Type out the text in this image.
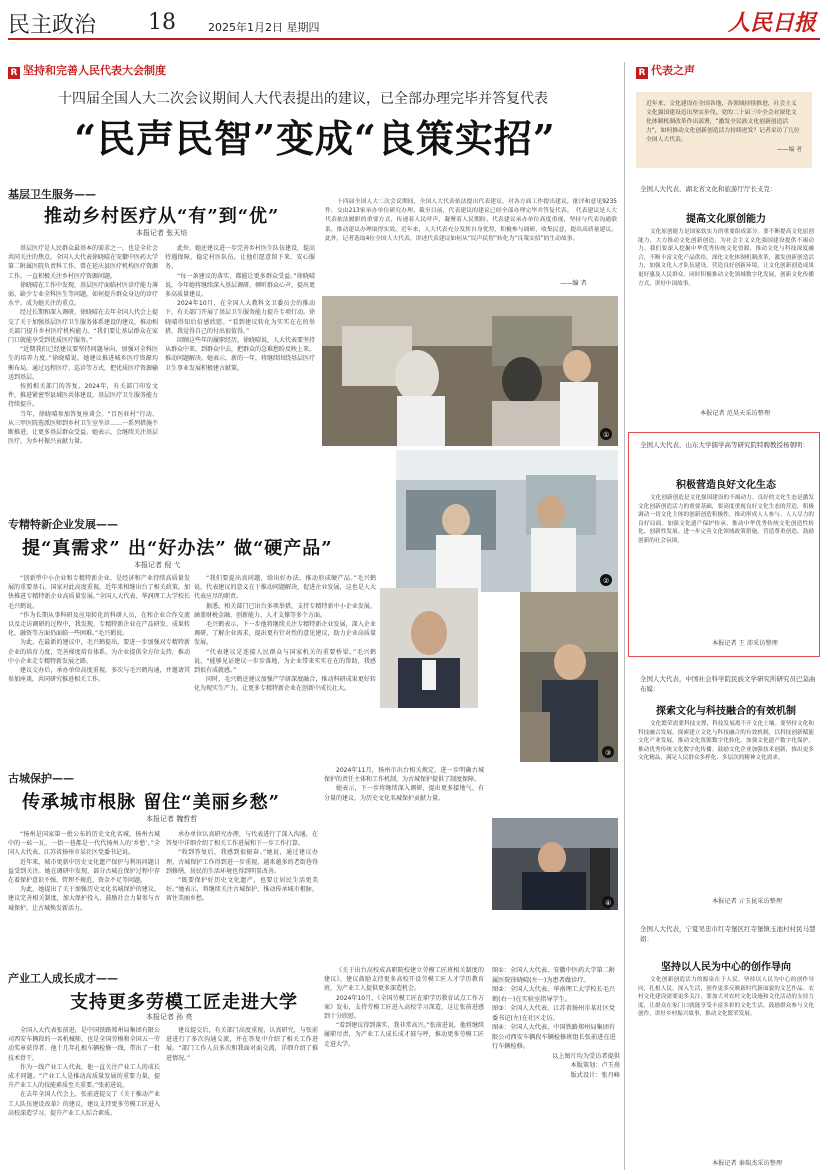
民主政治 18	2025年1月2日 星期四	人民日报
R 坚持和完善人民代表大会制度
十四届全国人大二次会议期间人大代表提出的建议，已全部办理完毕并答复代表
“民声民智”变成“良策实招”

十四届全国人大二次会议期间，全国人大代表依法提出代表建议，对各方面工作提出建议，批评和意见9235件，交由213家承办单位研究办理。截至目前，代表建议的建议已经全部办理完毕并答复代表。　代表建议是人大代表依法履职的重要方式，传递着人民呼声，凝聚着人民期盼。代表建议承办单位高度重视，坚持与代表沟通联系，推动建议办理取得实效。近年来，人大代表充分发挥自身优势，积极参与调研，收集民意，提出高质量建议。此外，记者选取4位全国人大代表，讲述代表建议如何从“民声民智”转化为“良策实招”的生动故事。

——编 者
基层卫生服务——
推动乡村医疗从“有”到“优”
本报记者 张天培

基层医疗是人民群众最基本的需求之一，也是全社会共同关注的焦点。全国人大代表徐晓晴在安徽中医药大学第二附属医院负责科工作，曾在延庆县医疗机构医疗资源工作，一直积极关注乡村医疗资源问题。

徐晓晴在工作中发现，基层医疗面临村医诊疗能力薄弱、缺少专业全科医生等问题，如何提升群众身边的诊疗水平，成为她关注的重点。

经过长期和深入调研，徐晓晴在去年全国人代会上提交了关于加强基层医疗卫生服务体系建设的建议，推动相关部门提升乡村医疗机构能力。“我们要让基层群众在家门口就能享受到优质医疗服务。”

“近期我们已经建议要坚持问题导向，加强对全科医生的培养力度。”徐晓晴说，她建议推进城乡医疗资源均衡布局，通过远程医疗、巡诊等方式，把优质医疗资源输送到基层。

按照相关部门的答复，2024年，有关部门印发文件，推进紧密型县域医共体建设，基层医疗卫生服务能力持续提升。

当年，徐晓晴参加答复座谈会。“百医驻村”行动、从三甲医院选派医师到乡村卫生室坐诊……一系列措施不断推进，让更多基层群众受益。她表示，会继续关注基层医疗，为乡村振兴贡献力量。

此外，她还建议进一步完善乡村医生队伍建设，提高待遇保障，稳定村医队伍，让他们愿意留下来、安心服务。

“每一条建议的落实，都能让更多群众受益。”徐晓晴说，今年她将继续深入基层调研，倾听群众心声，提出更多高质量建议。

2024年10月，在全国人大教科文卫委员会的推动下，有关部门开展了基层卫生服务能力提升专项行动。徐晓晴得知后倍感欣慰。“看到建议转化为实实在在的举措，我觉得自己的付出很值得。”

回顾这些年的履职经历，徐晓晴说，人大代表要坚持从群众中来、到群众中去，把群众的急难愁盼反映上来，推动问题解决。她表示，新的一年，将继续围绕基层医疗卫生事业发展积极建言献策。

①
②
③
④
专精特新企业发展——
提“真需求” 出“好办法” 做“硬产品”
本报记者 倪 弋

“创新型中小企业和专精特新企业，是经济和产业持续高质量发展的重要基石。国家对此高度重视，近年来相继出台了相关政策，加快推进专精特新企业高质量发展。”全国人大代表、华润理工大学校长毛兴鹤说。

“作为长期从事科研及应用转化的科研人员，在和企业合作交流以及走访调研的过程中，我发现，专精特新企业在产品研发、成果转化、融资等方面仍面临一些困难。”毛兴鹤说。

为此，在最新的建议中，毛兴鹤提出，要进一步加强对专精特新企业的培育力度，完善梯度培育体系，为企业提供全方位支持，推动中小企业走专精特新发展之路。

建议交办后，承办单位高度重视，多次与毛兴鹤沟通，并邀请其参加座谈，共同研究推进相关工作。

“我们要提出真问题，给出好办法，推动形成硬产品。”毛兴鹤说，代表建议的意义在于推动问题解决，促进企业发展，这也是人大代表应尽的职责。

据悉，相关部门已出台多项举措，支持专精特新中小企业发展，涵盖财税金融、创新能力、人才支撑等多个方面。

毛兴鹤表示，下一步他将继续关注专精特新企业发展，深入企业调研，了解企业需求，提出更有针对性的意见建议，助力企业高质量发展。

“代表建议是连接人民群众与国家机关的重要桥梁。”毛兴鹤说，“能够见证建议一步步落地，为企业带来实实在在的帮助，我感到很有成就感。”

同时，毛兴鹤还建议加强产学研深度融合，推动科研成果更好转化为现实生产力，让更多专精特新企业在创新中成长壮大。

古城保护——
传承城市根脉 留住“美丽乡愁”
本报记者 魏哲哲

“扬州是国家第一批公布的历史文化名城，扬州古城中的一砖一瓦、一街一巷都是一代代扬州人的‘乡愁’。”全国人大代表、江苏省扬州市某社区党委书记说。

近年来，城市更新中历史文化遗产保护与利用问题日益受到关注。她在调研中发现，部分古城在保护过程中存在着保护意识不强、管理不规范、资金不足等问题。

为此，她提出了关于加强历史文化名城保护的建议，建议完善相关制度，加大保护投入，鼓励社会力量参与古城保护，让古城焕发新活力。

承办单位认真研究办理，与代表进行了深入沟通，在答复中详细介绍了相关工作进展和下一步工作打算。

“收到答复后，我感到很振奋。”她说，通过建议办理，古城保护工作得到进一步重视，越来越多的老街巷得到修缮，居民的生活环境也得到明显改善。

“既要保护好历史文化遗产，也要让居民生活更美好。”她表示，将继续关注古城保护，推动传承城市根脉，留住美丽乡愁。

2024年11月，扬州市出台相关规定，进一步明确古城保护的责任主体和工作机制，为古城保护提供了制度保障。

她表示，下一步将继续深入调研，提出更多接地气、有分量的建议，为历史文化名城保护贡献力量。

产业工人成长成才——
支持更多劳模工匠走进大学
本报记者 孙 亮

全国人大代表张前进，是中国铁路郑州局集团有限公司西安车辆段的一名机械师，也是全国劳模和全国五一劳动奖章获得者。他十几年扎根车辆检修一线，带出了一批技术骨干。

作为一线产业工人代表，他一直关注产业工人的成长成才问题。“产业工人是推动高质量发展的重要力量，提升产业工人的技能素质至关重要。”张前进说。

在去年全国人代会上，张前进提交了《关于推动产业工人队伍建设改革》的建议，建议支持更多劳模工匠进入高校深造学习，提升产业工人综合素质。

建议提交后，有关部门高度重视，认真研究，与张前进进行了多次沟通交流，并在答复中介绍了相关工作进展。“部门工作人员多次和我面对面交流，详细介绍了推进情况。”

《关于出台高校成高职院校建立劳模工匠班相关制度的建议》，建议鼓励支持更多高校开设劳模工匠人才学历教育班，为产业工人提供更多深造机会。

2024年10月，《全国劳模工匠在职学历教育试点工作方案》发布，支持劳模工匠进入高校学习深造，这让张前进感到十分欣慰。

“看到建议得到落实，我非常高兴。”张前进说，他将继续履职尽责，为产业工人成长成才鼓与呼，推动更多劳模工匠走进大学。

图①：全国人大代表、安徽中医药大学第二附属医院徐晓晴(左一)为患者做诊疗。
图②：全国人大代表、华南理工大学校长毛兴鹤(右一)在实验室指导学生。
图③：全国人大代表、江苏省扬州市某社区党委书记(左)在社区走访。
图④：全国人大代表、中国铁路郑州局集团有限公司西安车辆段车辆检修班组长张前进在进行车辆检修。
以上图片均为受访者提供
本版策划：卢玉熹
版式设计：张丹峰
R 代表之声
近年来，文化建设在全国各地、各领域持续推进，社会主义文化强国建设迈出坚实步伐。党的二十届三中全会对深化文化体制机制改革作出部署，“激发全民族文化创新创造活力”，如何推动文化创新创造活力持续迸发？记者采访了几位全国人大代表。
——编 者
全国人大代表，湖北省文化和旅游厅厅长支克：
提高文化原创能力

文化原创能力是国家软实力的重要组成部分。要不断提高文化原创能力，大力推动文化创新创造，为社会主义文化强国建设提供不竭动力。我们要深入挖掘中华优秀传统文化资源，推动文化与科技深度融合，不断丰富文化产品供给。深化文化体制机制改革，激发创新创造活力，加强文化人才队伍建设，营造良好创新环境，让文化创新创造成果更好惠及人民群众。同时积极推动文化领域数字化发展，创新文化传播方式，讲好中国故事。

本报记者 范昊天采访整理
全国人大代表，山东大学儒学高等研究院特聘教授杨朝明：
积极营造良好文化生态

文化创新创造是文化强国建设的不竭动力。良好的文化生态是激发文化创新创造活力的重要基础，要高度重视良好文化生态的营造，积极调动一切文化主体的创新创造积极性，推动形成人人参与、人人尽力的良好局面。加强文化遗产保护传承，推动中华优秀传统文化创造性转化、创新性发展。进一步完善文化领域政策措施，营造尊重创造、鼓励创新的社会氛围。

本报记者 王 沛采访整理
全国人大代表，中国社会科学院民族文学研究所研究员巴莫曲布嫫：
探索文化与科技融合的有效机制

文化繁荣需要科技支撑，科技发展离不开文化土壤。要坚持文化和科技融合发展，探索建立文化与科技融合的有效机制，以科技创新赋能文化产业发展，推动文化资源数字化转化。加强文化遗产数字化保护，推动优秀传统文化数字化传播。鼓励文化企业加强技术创新，推出更多文化精品，满足人民群众多样化、多层次的精神文化需求。

本报记者 亓玉昆采访整理
全国人大代表，宁夏吴忠市红寺堡区红寺堡镇玉池村村民马慧娟：
坚持以人民为中心的创作导向

文化创新创造活力的源泉在于人民。坚持以人民为中心的创作导向，扎根人民、深入生活，创作更多反映新时代新面貌的文艺作品。农村文化建设需要更多关注，要加大对农村文化设施和文化活动的支持力度，让群众在家门口就能享受丰富多彩的文化生活。鼓励群众参与文化创作，讲好乡村振兴故事，推动文化繁荣发展。

本报记者 秦瑞杰采访整理
